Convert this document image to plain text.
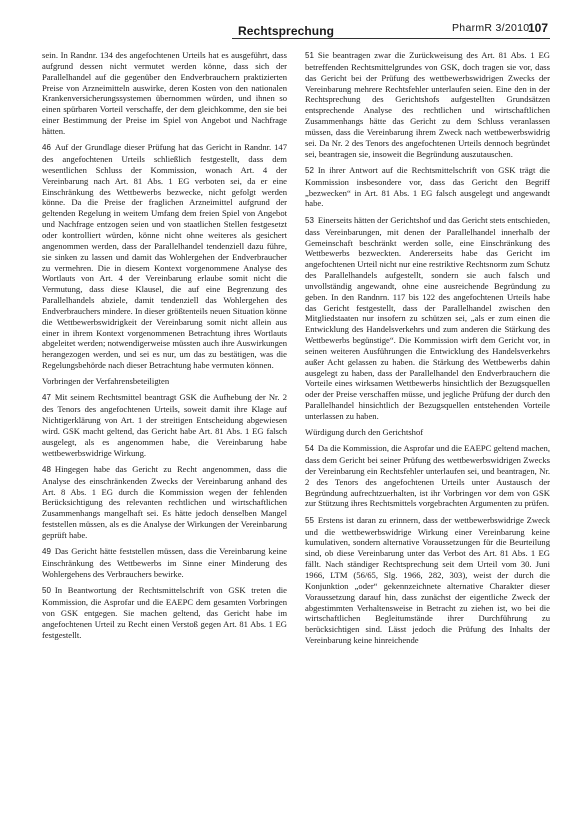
Rechtsprechung	PharmR 3/2010
107

sein. In Randnr. 134 des angefochtenen Urteils hat es ausgeführt, dass aufgrund dessen nicht vermutet werden könne, dass sich der Parallelhandel auf die gegenüber den Endverbrauchern praktizierten Preise von Arzneimitteln auswirke, deren Kosten von den nationalen Krankenversicherungssystemen übernommen würden, und ihnen so einen spürbaren Vorteil verschaffe, der dem gleichkomme, den sie bei einer Bestimmung der Preise im Spiel von Angebot und Nachfrage hätten.

46 Auf der Grundlage dieser Prüfung hat das Gericht in Randnr. 147 des angefochtenen Urteils schließlich festgestellt, dass dem wesentlichen Schluss der Kommission, wonach Art. 4 der Vereinbarung nach Art. 81 Abs. 1 EG verboten sei, da er eine Einschränkung des Wettbewerbs bezwecke, nicht gefolgt werden könne. Da die Preise der fraglichen Arzneimittel aufgrund der geltenden Regelung in weitem Umfang dem freien Spiel von Angebot und Nachfrage entzogen seien und von staatlichen Stellen festgesetzt oder kontrolliert würden, könne nicht ohne weiteres als gesichert angenommen werden, dass der Parallelhandel tendenziell dazu führe, sie sinken zu lassen und damit das Wohlergehen der Endverbraucher zu vermehren. Die in diesem Kontext vorgenommene Analyse des Wortlauts von Art. 4 der Vereinbarung erlaube somit nicht die Vermutung, dass diese Klausel, die auf eine Begrenzung des Parallelhandels abziele, damit tendenziell das Wohlergehen des Endverbrauchers mindere. In dieser größtenteils neuen Situation könne die Wettbewerbswidrigkeit der Vereinbarung somit nicht allein aus einer in ihrem Kontext vorgenommenen Betrachtung ihres Wortlauts abgeleitet werden; notwendigerweise müssten auch ihre Auswirkungen herangezogen werden, und sei es nur, um das zu bestätigen, was die Regelungsbehörde nach dieser Betrachtung habe vermuten können.

Vorbringen der Verfahrensbeteiligten

47 Mit seinem Rechtsmittel beantragt GSK die Aufhebung der Nr. 2 des Tenors des angefochtenen Urteils, soweit damit ihre Klage auf Nichtigerklärung von Art. 1 der streitigen Entscheidung abgewiesen wird. GSK macht geltend, das Gericht habe Art. 81 Abs. 1 EG falsch ausgelegt, als es angenommen habe, die Vereinbarung habe wettbewerbswidrige Wirkung.

48 Hingegen habe das Gericht zu Recht angenommen, dass die Analyse des einschränkenden Zwecks der Vereinbarung anhand des Art. 8 Abs. 1 EG durch die Kommission wegen der fehlenden Berücksichtigung des relevanten rechtlichen und wirtschaftlichen Zusammenhangs mangelhaft sei. Es hätte jedoch denselben Mangel feststellen müssen, als es die Analyse der Wirkungen der Vereinbarung geprüft habe.

49 Das Gericht hätte feststellen müssen, dass die Vereinbarung keine Einschränkung des Wettbewerbs im Sinne einer Minderung des Wohlergehens des Verbrauchers bewirke.

50 In Beantwortung der Rechtsmittelschrift von GSK treten die Kommission, die Asprofar und die EAEPC dem gesamten Vorbringen von GSK entgegen. Sie machen geltend, das Gericht habe im angefochtenen Urteil zu Recht einen Verstoß gegen Art. 81 Abs. 1 EG festgestellt.

51 Sie beantragen zwar die Zurückweisung des Art. 81 Abs. 1 EG betreffenden Rechtsmittelgrundes von GSK, doch tragen sie vor, dass das Gericht bei der Prüfung des wettbewerbswidrigen Zwecks der Vereinbarung mehrere Rechtsfehler unterlaufen seien. Eine den in der Rechtsprechung des Gerichtshofs aufgestellten Grundsätzen entsprechende Analyse des rechtlichen und wirtschaftlichen Zusammenhangs hätte das Gericht zu dem Schluss veranlassen müssen, dass die Vereinbarung ihrem Zweck nach wettbewerbswidrig sei. Da Nr. 2 des Tenors des angefochtenen Urteils dennoch begründet sei, beantragen sie, insoweit die Begründung auszutauschen.

52 In ihrer Antwort auf die Rechtsmittelschrift von GSK trägt die Kommission insbesondere vor, dass das Gericht den Begriff „bezwecken“ in Art. 81 Abs. 1 EG falsch ausgelegt und angewandt habe.

53 Einerseits hätten der Gerichtshof und das Gericht stets entschieden, dass Vereinbarungen, mit denen der Parallelhandel innerhalb der Gemeinschaft beschränkt werden solle, eine Einschränkung des Wettbewerbs bezweckten. Andererseits habe das Gericht im angefochtenen Urteil nicht nur eine restriktive Rechtsnorm zum Schutz des Parallelhandels aufgestellt, sondern sie auch falsch und unvollständig angewandt, ohne eine ausreichende Begründung zu geben. In den Randnrn. 117 bis 122 des angefochtenen Urteils habe das Gericht festgestellt, dass der Parallelhandel zwischen den Mitgliedstaaten nur insofern zu schützen sei, „als er zum einen die Entwicklung des Handelsverkehrs und zum anderen die Stärkung des Wettbewerbs begünstige“. Die Kommission wirft dem Gericht vor, in seinen weiteren Ausführungen die Entwicklung des Handelsverkehrs außer Acht gelassen zu haben. die Stärkung des Wettbewerbs dahin ausgelegt zu haben, dass der Parallelhandel den Endverbrauchern die Vorteile eines wirksamen Wettbewerbs hinsichtlich der Bezugsquellen oder der Preise verschaffen müsse, und jegliche Prüfung der durch den Parallelhandel hinsichtlich der Bezugsquellen entstehenden Vorteile unterlassen zu haben.

Würdigung durch den Gerichtshof

54 Da die Kommission, die Asprofar und die EAEPC geltend machen, dass dem Gericht bei seiner Prüfung des wettbewerbswidrigen Zwecks der Vereinbarung ein Rechtsfehler unterlaufen sei, und beantragen, Nr. 2 des Tenors des angefochtenen Urteils unter Austausch der Begründung aufrechtzuerhalten, ist ihr Vorbringen vor dem von GSK zur Stützung ihres Rechtsmittels vorgebrachten Argumenten zu prüfen.

55 Erstens ist daran zu erinnern, dass der wettbewerbswidrige Zweck und die wettbewerbswidrige Wirkung einer Vereinbarung keine kumulativen, sondern alternative Voraussetzungen für die Beurteilung sind, ob diese Vereinbarung unter das Verbot des Art. 81 Abs. 1 EG fällt. Nach ständiger Rechtsprechung seit dem Urteil vom 30. Juni 1966, LTM (56/65, Slg. 1966, 282, 303), weist der durch die Konjunktion „oder“ gekennzeichnete alternative Charakter dieser Voraussetzung darauf hin, dass zunächst der eigentliche Zweck der abgestimmten Verhaltensweise in Betracht zu ziehen ist, wo bei die wirtschaftlichen Begleitumstände ihrer Durchführung zu berücksichtigen sind. Lässt jedoch die Prüfung des Inhalts der Vereinbarung keine hinreichende
